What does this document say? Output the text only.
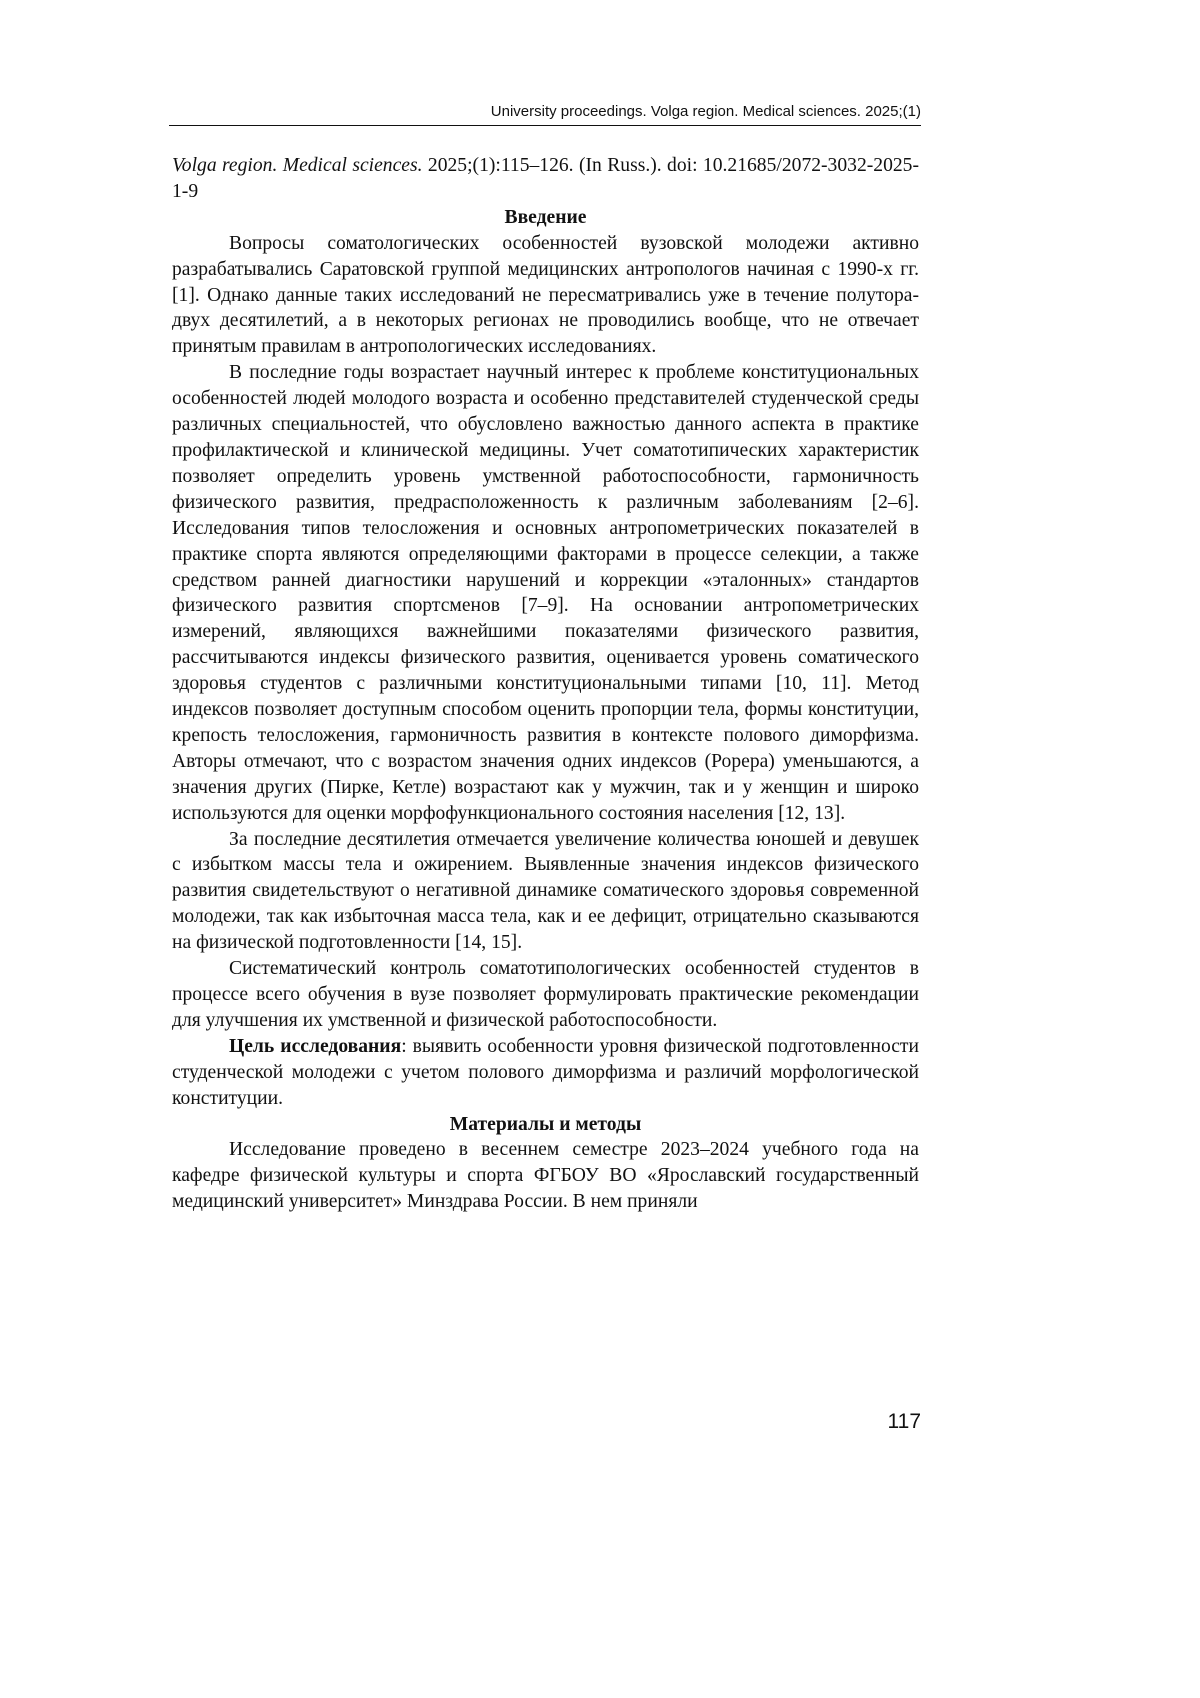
University proceedings. Volga region. Medical sciences. 2025;(1)

Volga region. Medical sciences. 2025;(1):115–126. (In Russ.). doi: 10.21685/2072-3032-2025-1-9

Введение

Вопросы соматологических особенностей вузовской молодежи активно разрабатывались Саратовской группой медицинских антропологов начиная с 1990-х гг. [1]. Однако данные таких исследований не пересматривались уже в течение полутора-двух десятилетий, а в некоторых регионах не проводились вообще, что не отвечает принятым правилам в антропологических исследованиях.

В последние годы возрастает научный интерес к проблеме конституциональных особенностей людей молодого возраста и особенно представителей студенческой среды различных специальностей, что обусловлено важностью данного аспекта в практике профилактической и клинической медицины. Учет соматотипических характеристик позволяет определить уровень умственной работоспособности, гармоничность физического развития, предрасположенность к различным заболеваниям [2–6]. Исследования типов телосложения и основных антропометрических показателей в практике спорта являются определяющими факторами в процессе селекции, а также средством ранней диагностики нарушений и коррекции «эталонных» стандартов физического развития спортсменов [7–9]. На основании антропометрических измерений, являющихся важнейшими показателями физического развития, рассчитываются индексы физического развития, оценивается уровень соматического здоровья студентов с различными конституциональными типами [10, 11]. Метод индексов позволяет доступным способом оценить пропорции тела, формы конституции, крепость телосложения, гармоничность развития в контексте полового диморфизма. Авторы отмечают, что с возрастом значения одних индексов (Рорера) уменьшаются, а значения других (Пирке, Кетле) возрастают как у мужчин, так и у женщин и широко используются для оценки морфофункционального состояния населения [12, 13].

За последние десятилетия отмечается увеличение количества юношей и девушек с избытком массы тела и ожирением. Выявленные значения индексов физического развития свидетельствуют о негативной динамике соматического здоровья современной молодежи, так как избыточная масса тела, как и ее дефицит, отрицательно сказываются на физической подготовленности [14, 15].

Систематический контроль соматотипологических особенностей студентов в процессе всего обучения в вузе позволяет формулировать практические рекомендации для улучшения их умственной и физической работоспособности.

Цель исследования: выявить особенности уровня физической подготовленности студенческой молодежи с учетом полового диморфизма и различий морфологической конституции.

Материалы и методы

Исследование проведено в весеннем семестре 2023–2024 учебного года на кафедре физической культуры и спорта ФГБОУ ВО «Ярославский государственный медицинский университет» Минздрава России. В нем приняли

117
